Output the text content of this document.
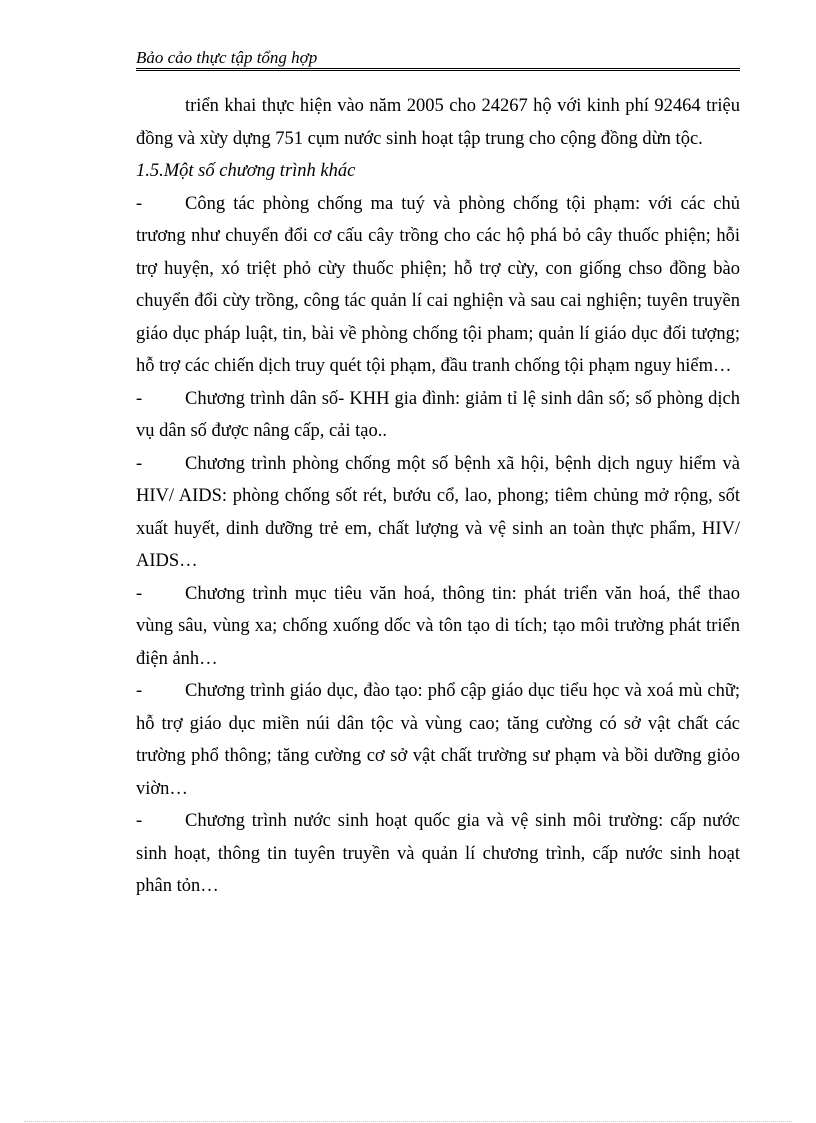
Bảo cảo thực tập tổng hợp

triển khai thực hiện vào năm 2005 cho 24267 hộ với kinh phí 92464 triệu đồng và xừy dựng 751 cụm nước sinh hoạt tập trung cho cộng đồng dừn tộc.

1.5.Một số chương trình khác

- Công tác phòng chống ma tuý và phòng chống tội phạm: với các chủ trương như chuyển đổi cơ cấu cây trồng cho các hộ phá bỏ cây thuốc phiện; hỗi trợ huyện, xó triệt phỏ cừy thuốc phiện; hỗ trợ cừy, con giống chso đồng bào chuyển đổi cừy trồng, công tác quản lí cai nghiện và sau cai nghiện; tuyên truyền giáo dục pháp luật, tin, bài về phòng chống tội pham; quản lí giáo dục đối tượng; hỗ trợ các chiến dịch truy quét tội phạm, đầu tranh chống tội phạm nguy hiểm…

- Chương trình dân số- KHH gia đình: giảm tỉ lệ sinh dân số; số phòng dịch vụ dân số được nâng cấp, cải tạo..

- Chương trình phòng chống một số bệnh xã hội, bệnh dịch nguy hiểm và HIV/ AIDS: phòng chống sốt rét, bướu cổ, lao, phong; tiêm chủng mở rộng, sốt xuất huyết, dinh dưỡng trẻ em, chất lượng và vệ sinh an toàn thực phẩm, HIV/ AIDS…

- Chương trình mục tiêu văn hoá, thông tin: phát triển văn hoá, thể thao vùng sâu, vùng xa; chống xuống dốc và tôn tạo di tích; tạo môi trường phát triển điện ảnh…

- Chương trình giáo dục, đào tạo: phổ cập giáo dục tiểu học và xoá mù chữ; hỗ trợ giáo dục miền núi dân tộc và vùng cao; tăng cường có sở vật chất các trường phổ thông; tăng cường cơ sở vật chất trường sư phạm và bồi dưỡng giỏo viờn…

- Chương trình nước sinh hoạt quốc gia và vệ sinh môi trường: cấp nước sinh hoạt, thông tin tuyên truyền và quản lí chương trình, cấp nước sinh hoạt phân tỏn…
